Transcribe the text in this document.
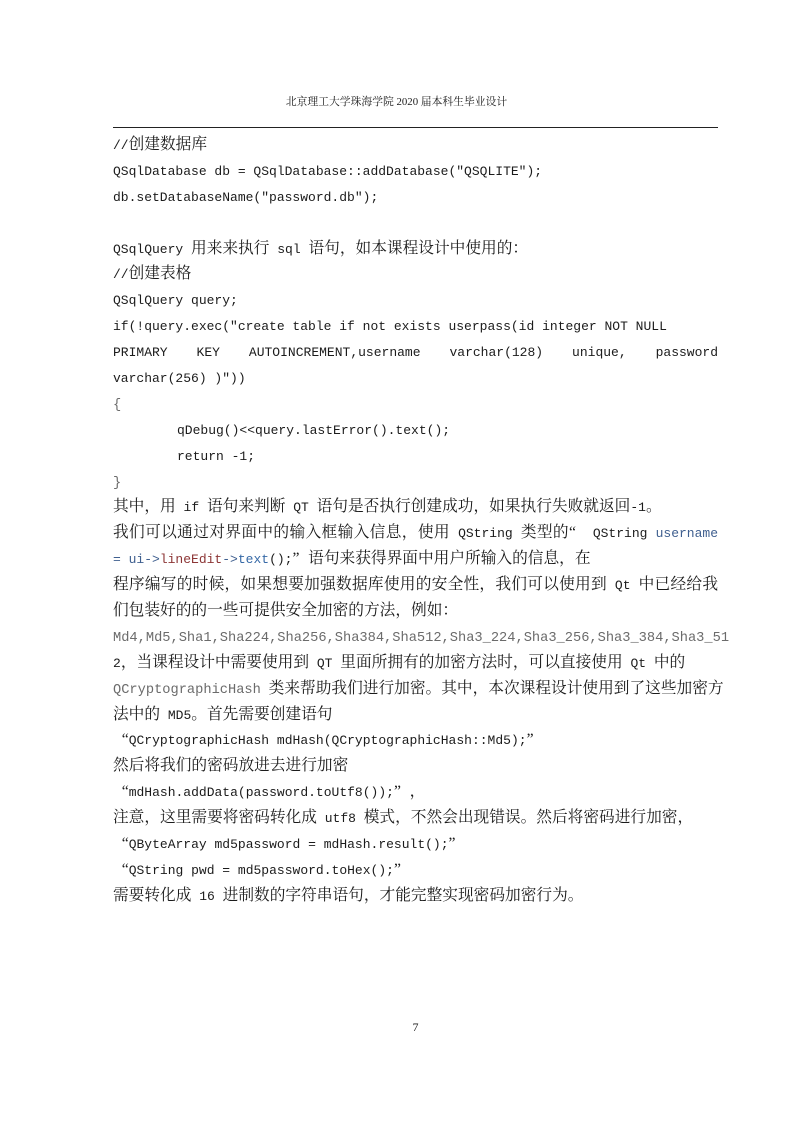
北京理工大学珠海学院 2020 届本科生毕业设计
//创建数据库
QSqlDatabase db = QSqlDatabase::addDatabase("QSQLITE");
db.setDatabaseName("password.db");
QSqlQuery 用来来执行 sql 语句，如本课程设计中使用的：
//创建表格
QSqlQuery query;
if(!query.exec("create table if not exists userpass(id integer NOT NULL
PRIMARY KEY AUTOINCREMENT,username varchar(128) unique, password
varchar(256) )"))
{
qDebug()<<query.lastError().text();
return -1;
}
其中，用 if 语句来判断 QT 语句是否执行创建成功，如果执行失败就返回-1。
我们可以通过对界面中的输入框输入信息，使用 QString 类型的“ QString username
= ui->lineEdit->text();” 语句来获得界面中用户所输入的信息，在
程序编写的时候，如果想要加强数据库使用的安全性，我们可以使用到 Qt 中已经给我
们包装好的的一些可提供安全加密的方法，例如：
Md4,Md5,Sha1,Sha224,Sha256,Sha384,Sha512,Sha3_224,Sha3_256,Sha3_384,Sha3_51
2，当课程设计中需要使用到 QT 里面所拥有的加密方法时，可以直接使用 Qt 中的
QCryptographicHash 类来帮助我们进行加密。其中，本次课程设计使用到了这些加密方
法中的 MD5。首先需要创建语句
“QCryptographicHash mdHash(QCryptographicHash::Md5);”
然后将我们的密码放进去进行加密
“mdHash.addData(password.toUtf8());” ，
注意，这里需要将密码转化成 utf8 模式，不然会出现错误。然后将密码进行加密，
“QByteArray md5password = mdHash.result();”
“QString pwd = md5password.toHex();”
需要转化成 16 进制数的字符串语句，才能完整实现密码加密行为。
7
